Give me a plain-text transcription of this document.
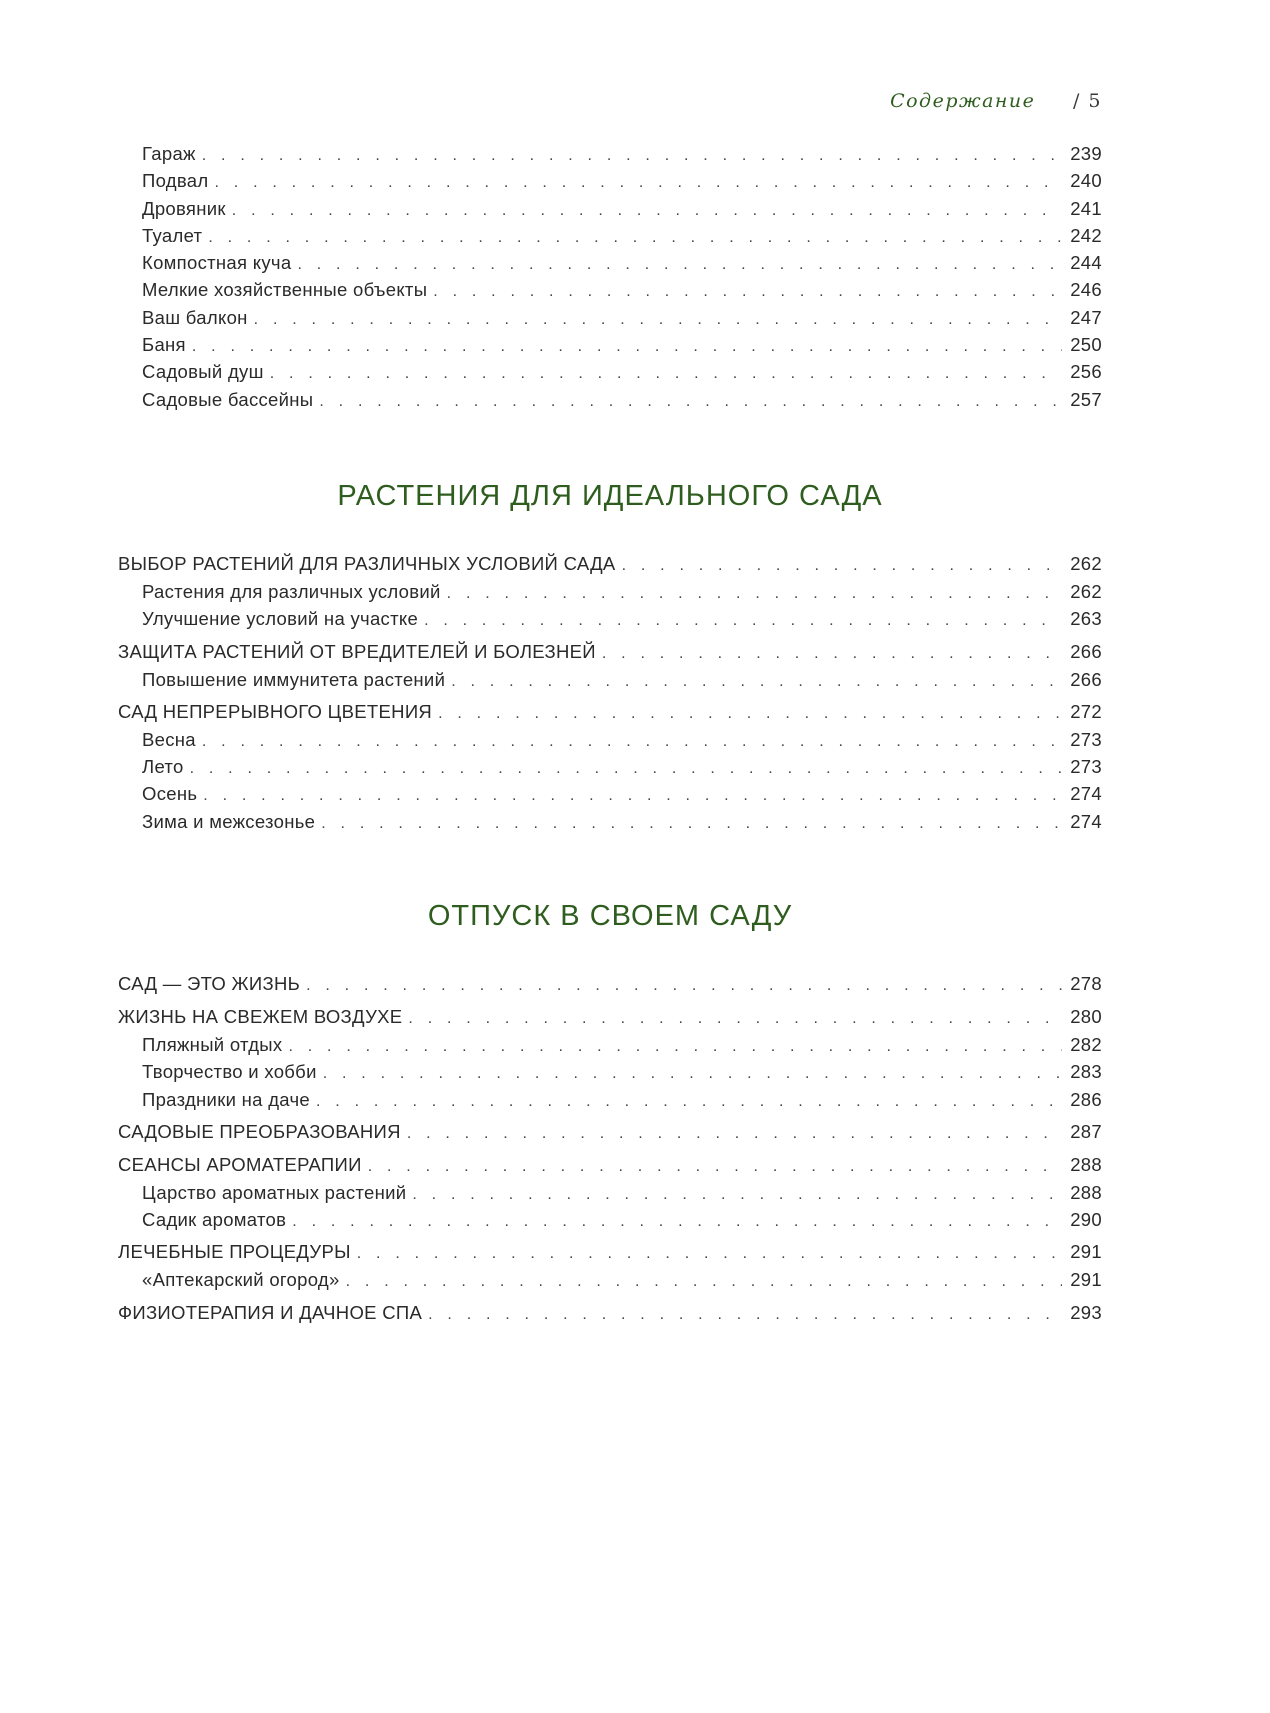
Содержание / 5
Гараж . . .	239
Подвал . . .	240
Дровяник . . .	241
Туалет . . .	242
Компостная куча . . .	244
Мелкие хозяйственные объекты . . .	246
Ваш балкон . . .	247
Баня . . .	250
Садовый душ . . .	256
Садовые бассейны . . .	257
РАСТЕНИЯ ДЛЯ ИДЕАЛЬНОГО САДА
ВЫБОР РАСТЕНИЙ ДЛЯ РАЗЛИЧНЫХ УСЛОВИЙ САДА . . .	262
Растения для различных условий . . .	262
Улучшение условий на участке . . .	263
ЗАЩИТА РАСТЕНИЙ ОТ ВРЕДИТЕЛЕЙ И БОЛЕЗНЕЙ . . .	266
Повышение иммунитета растений . . .	266
САД НЕПРЕРЫВНОГО ЦВЕТЕНИЯ . . .	272
Весна . . .	273
Лето . . .	273
Осень . . .	274
Зима и межсезонье . . .	274
ОТПУСК В СВОЕМ САДУ
САД — ЭТО ЖИЗНЬ . . .	278
ЖИЗНЬ НА СВЕЖЕМ ВОЗДУХЕ . . .	280
Пляжный отдых . . .	282
Творчество и хобби . . .	283
Праздники на даче . . .	286
САДОВЫЕ ПРЕОБРАЗОВАНИЯ . . .	287
СЕАНСЫ АРОМАТЕРАПИИ . . .	288
Царство ароматных растений . . .	288
Садик ароматов . . .	290
ЛЕЧЕБНЫЕ ПРОЦЕДУРЫ . . .	291
«Аптекарский огород» . . .	291
ФИЗИОТЕРАПИЯ И ДАЧНОЕ СПА . . .	293
